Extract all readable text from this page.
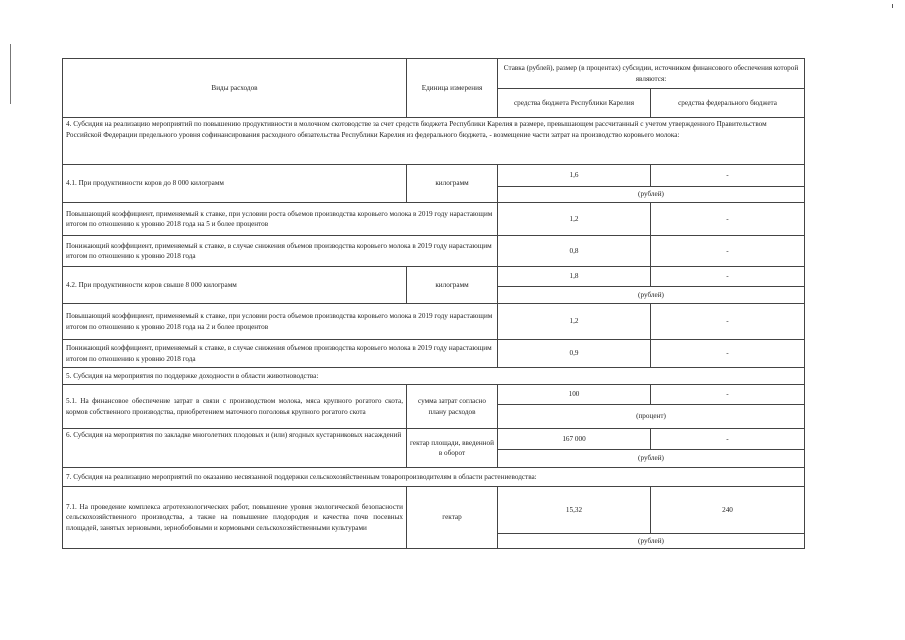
Виды расходов	Единица измерения	Ставка (рублей), размер (в процентах) субсидии, источником финансового обеспечения которой являются:	
		средства бюджета Республики Карелия	средства федерального бюджета
4. Субсидия на реализацию мероприятий по повышению продуктивности в молочном скотоводстве за счет средств бюджета Республики Карелия в размере, превышающем рассчитанный с учетом утвержденного Правительством Российской Федерации предельного уровня софинансирования расходного обязательства Республики Карелия из федерального бюджета, - возмещение части затрат на производство коровьего молока:			
4.1. При продуктивности коров до 8 000 килограмм	килограмм	1,6	-
		(рублей)	
Повышающий коэффициент, применяемый к ставке, при условии роста объемов производства коровьего молока в 2019 году нарастающим итогом по отношению к уровню 2018 года на 5 и более процентов		1,2	-
Понижающий коэффициент, применяемый к ставке, в случае снижения объемов производства коровьего молока в 2019 году нарастающим итогом по отношению к уровню 2018 года		0,8	-
4.2. При продуктивности коров свыше 8 000 килограмм	килограмм	1,8	-
		(рублей)	
Повышающий коэффициент, применяемый к ставке, при условии роста объемов производства коровьего молока в 2019 году нарастающим итогом по отношению к уровню 2018 года на 2 и более процентов		1,2	-
Понижающий коэффициент, применяемый к ставке, в случае снижения объемов производства коровьего молока в 2019 году нарастающим итогом по отношению к уровню 2018 года		0,9	-
5. Субсидия на мероприятия по поддержке доходности в области животноводства:			
5.1. На финансовое обеспечение затрат в связи с производством молока, мяса крупного рогатого скота, кормов собственного производства, приобретением маточного поголовья крупного рогатого скота	сумма затрат согласно плану расходов	100	-
		(процент)	
6. Субсидия на мероприятия по закладке многолетних плодовых и (или) ягодных кустарниковых насаждений	гектар площади, введенной в оборот	167 000	-
		(рублей)	
7. Субсидия на реализацию мероприятий по оказанию несвязанной поддержки сельскохозяйственным товаропроизводителям в области растениеводства:			
7.1. На проведение комплекса агротехнологических работ, повышение уровня экологической безопасности сельскохозяйственного производства, а также на повышение плодородия и качества почв посевных площадей, занятых зерновыми, зернобобовыми и кормовыми сельскохозяйственными культурами	гектар	15,32	240
		(рублей)	
